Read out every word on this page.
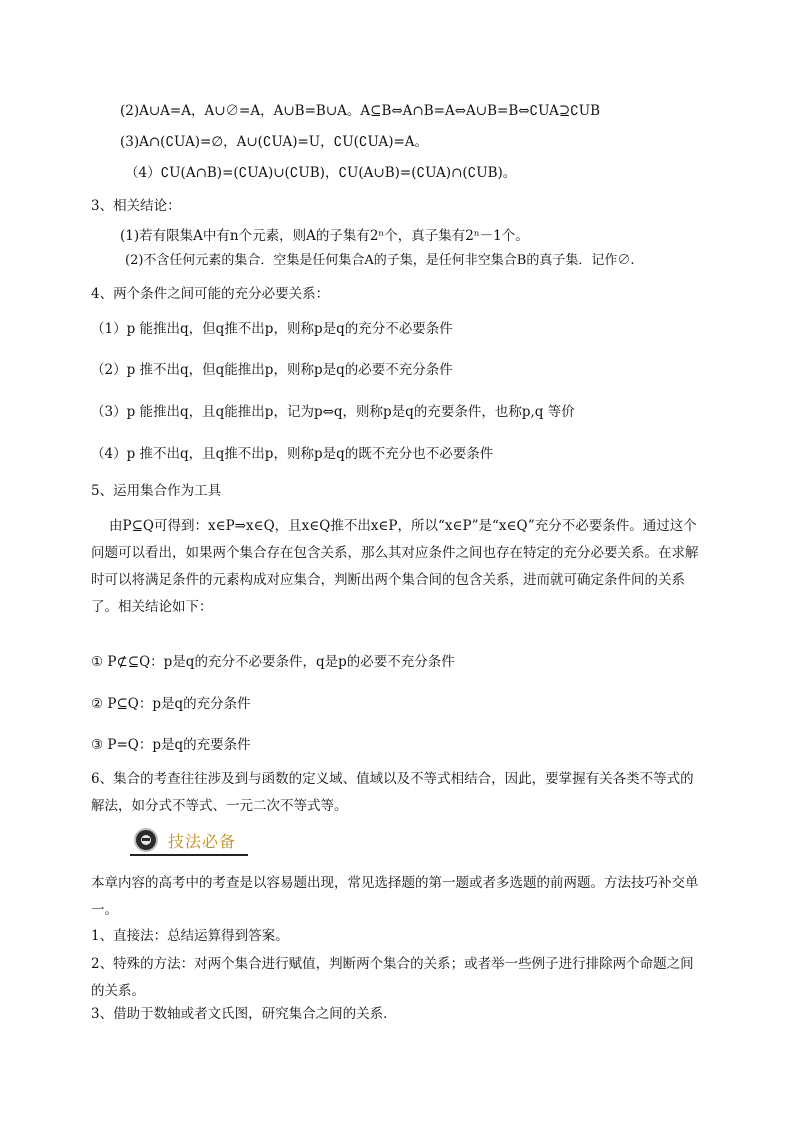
(2)A∪A=A，A∪∅=A，A∪B=B∪A。A⊆B⇔A∩B=A⇔A∪B=B⇔∁UA⊇∁UB
(3)A∩(∁UA)=∅，A∪(∁UA)=U，∁U(∁UA)=A。
（4）∁U(A∩B)=(∁UA)∪(∁UB)，∁U(A∪B)=(∁UA)∩(∁UB)。
3、相关结论：
(1)若有限集A中有n个元素，则A的子集有2ⁿ个，真子集有2ⁿ－1个。
(2)不含任何元素的集合．空集是任何集合A的子集，是任何非空集合B的真子集．记作∅.
4、两个条件之间可能的充分必要关系：
（1）p 能推出q，但q推不出p，则称p是q的充分不必要条件
（2）p 推不出q，但q能推出p，则称p是q的必要不充分条件
（3）p 能推出q，且q能推出p，记为p⇔q，则称p是q的充要条件，也称p,q 等价
（4）p 推不出q，且q推不出p，则称p是q的既不充分也不必要条件
5、运用集合作为工具
由P⊆Q可得到：x∈P⇒x∈Q，且x∈Q推不出x∈P，所以“x∈P”是“x∈Q”充分不必要条件。通过这个问题可以看出，如果两个集合存在包含关系，那么其对应条件之间也存在特定的充分必要关系。在求解时可以将满足条件的元素构成对应集合，判断出两个集合间的包含关系，进而就可确定条件间的关系了。相关结论如下：
① P⊄⊆Q：p是q的充分不必要条件，q是p的必要不充分条件
② P⊆Q：p是q的充分条件
③ P=Q：p是q的充要条件
6、集合的考查往往涉及到与函数的定义域、值域以及不等式相结合，因此，要掌握有关各类不等式的解法，如分式不等式、一元二次不等式等。
技法必备
本章内容的高考中的考查是以容易题出现，常见选择题的第一题或者多选题的前两题。方法技巧补交单一。
1、直接法：总结运算得到答案。
2、特殊的方法：对两个集合进行赋值，判断两个集合的关系；或者举一些例子进行排除两个命题之间的关系。
3、借助于数轴或者文氏图，研究集合之间的关系．
